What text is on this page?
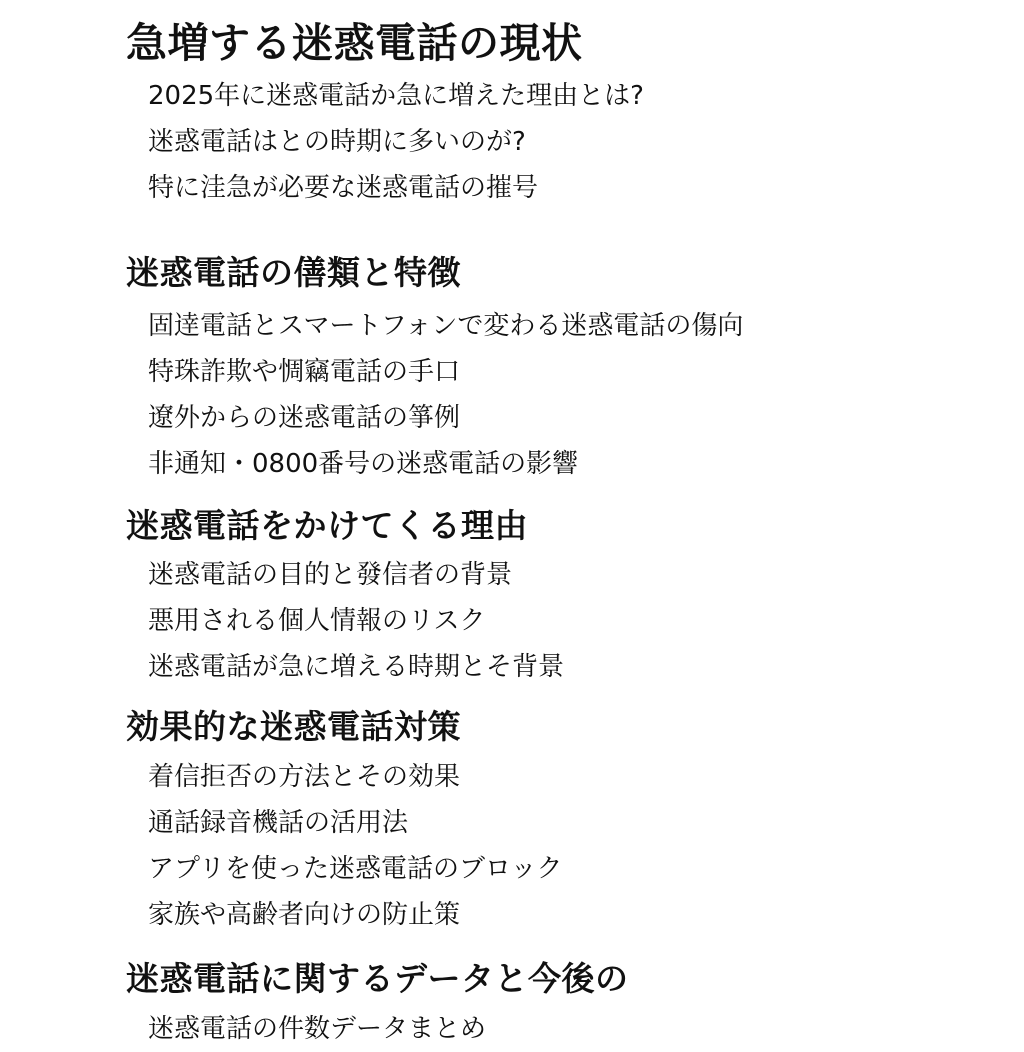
急増する迷惑電話の現状
2025年に迷惑電話か急に増えた理由とは?
迷惑電話はとの時期に多いのが?
特に洼急が必要な迷惑電話の摧号
迷惑電話の僐類と特徴
固逹電話とスマートフォンで変わる迷惑電話の傷向
特珠詐欺や惆竊電話の手口
遼外からの迷惑電話の箏例
非通知・0800番号の迷惑電話の影響
迷惑電話をかけてくる理由
迷惑電話の目的と發信者の背景
悪用される個人情報のリスク
迷惑電話が急に増える時期とそ背景
効果的な迷惑電話対策
着信拒否の方法とその効果
通話録音機話の活用法
アプリを使った迷惑電話のブロック
家族や高齢者向けの防止策
迷惑電話に関するデータと今後の
迷惑電話の件数データまとめ
